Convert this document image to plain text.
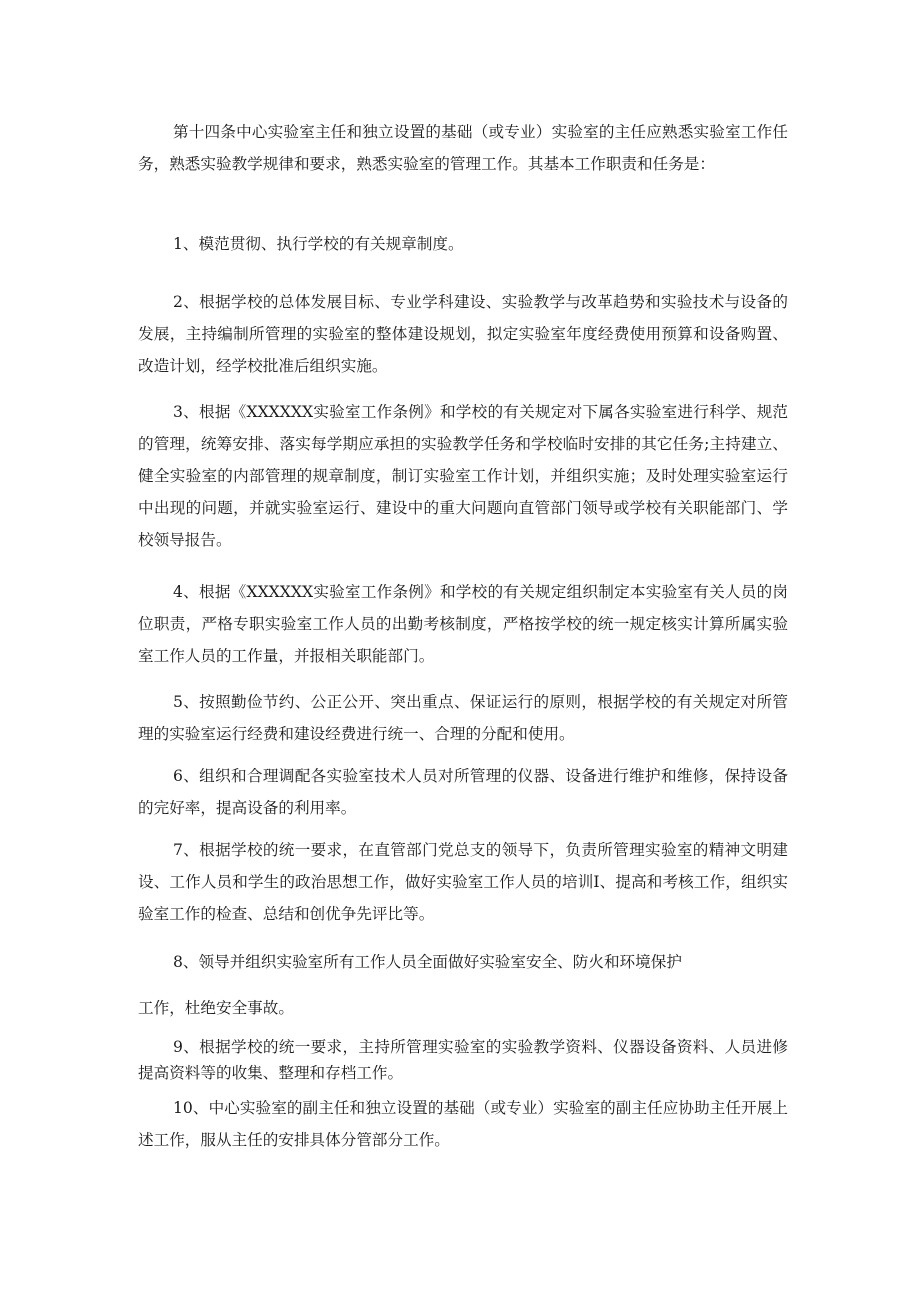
第十四条中心实验室主任和独立设置的基础（或专业）实验室的主任应熟悉实验室工作任务，熟悉实验教学规律和要求，熟悉实验室的管理工作。其基本工作职责和任务是：

1、模范贯彻、执行学校的有关规章制度。

2、根据学校的总体发展目标、专业学科建设、实验教学与改革趋势和实验技术与设备的发展，主持编制所管理的实验室的整体建设规划，拟定实验室年度经费使用预算和设备购置、改造计划，经学校批准后组织实施。

3、根据《XXXXXX实验室工作条例》和学校的有关规定对下属各实验室进行科学、规范的管理，统筹安排、落实每学期应承担的实验教学任务和学校临时安排的其它任务;主持建立、健全实验室的内部管理的规章制度，制订实验室工作计划，并组织实施；及时处理实验室运行中出现的问题，并就实验室运行、建设中的重大问题向直管部门领导或学校有关职能部门、学校领导报告。

4、根据《XXXXXX实验室工作条例》和学校的有关规定组织制定本实验室有关人员的岗位职责，严格专职实验室工作人员的出勤考核制度，严格按学校的统一规定核实计算所属实验室工作人员的工作量，并报相关职能部门。

5、按照勤俭节约、公正公开、突出重点、保证运行的原则，根据学校的有关规定对所管理的实验室运行经费和建设经费进行统一、合理的分配和使用。

6、组织和合理调配各实验室技术人员对所管理的仪器、设备进行维护和维修，保持设备的完好率，提高设备的利用率。

7、根据学校的统一要求，在直管部门党总支的领导下，负责所管理实验室的精神文明建设、工作人员和学生的政治思想工作，做好实验室工作人员的培训I、提高和考核工作，组织实验室工作的检查、总结和创优争先评比等。

8、领导并组织实验室所有工作人员全面做好实验室安全、防火和环境保护

工作，杜绝安全事故。

9、根据学校的统一要求，主持所管理实验室的实验教学资料、仪器设备资料、人员进修提高资料等的收集、整理和存档工作。

10、中心实验室的副主任和独立设置的基础（或专业）实验室的副主任应协助主任开展上述工作，服从主任的安排具体分管部分工作。
